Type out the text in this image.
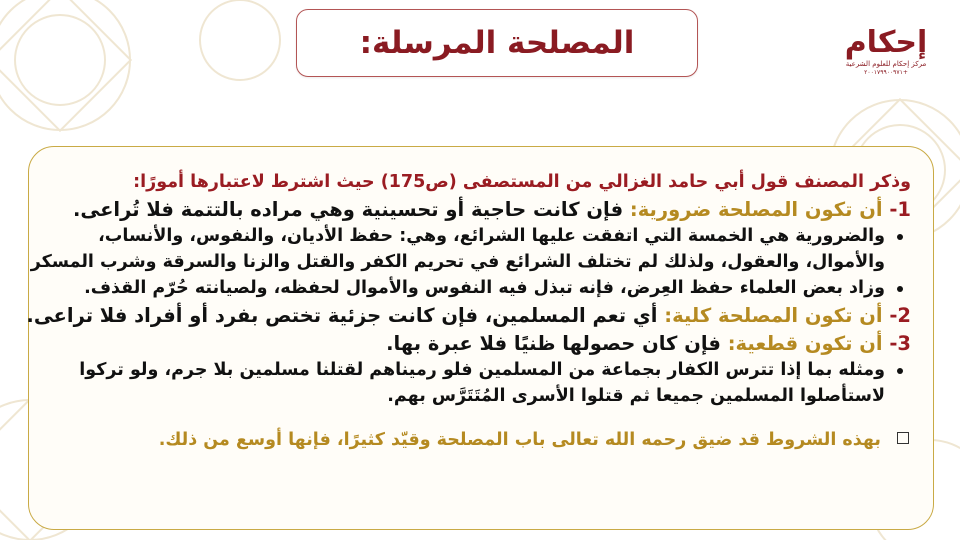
المصلحة المرسلة:	إحكام
مركز إحكام للعلوم الشرعية
٢٠٠١٧٩٩٠٠٩٧١+
وذكر المصنف قول أبي حامد الغزالي من المستصفى (ص175) حيث اشترط لاعتبارها أمورًا:
1- أن تكون المصلحة ضرورية: فإن كانت حاجية أو تحسينية وهي مراده بالتتمة فلا تُراعى.
والضرورية هي الخمسة التي اتفقت عليها الشرائع، وهي: حفظ الأديان، والنفوس، والأنساب،
والأموال، والعقول، ولذلك لم تختلف الشرائع في تحريم الكفر والقتل والزنا والسرقة وشرب المسكر
وزاد بعض العلماء حفظ العِرض، فإنه تبذل فيه النفوس والأموال لحفظه، ولصيانته حُرّم القذف.
2- أن تكون المصلحة كلية: أي تعم المسلمين، فإن كانت جزئية تختص بفرد أو أفراد فلا تراعى.
3- أن تكون قطعية: فإن كان حصولها ظنيًا فلا عبرة بها.
ومثله بما إذا تترس الكفار بجماعة من المسلمين فلو رميناهم لقتلنا مسلمين بلا جرم، ولو تركوا
لاستأصلوا المسلمين جميعا ثم قتلوا الأسرى المُتَتَرَّس بهم.
بهذه الشروط قد ضيق رحمه الله تعالى باب المصلحة وقيّد كثيرًا، فإنها أوسع من ذلك.
